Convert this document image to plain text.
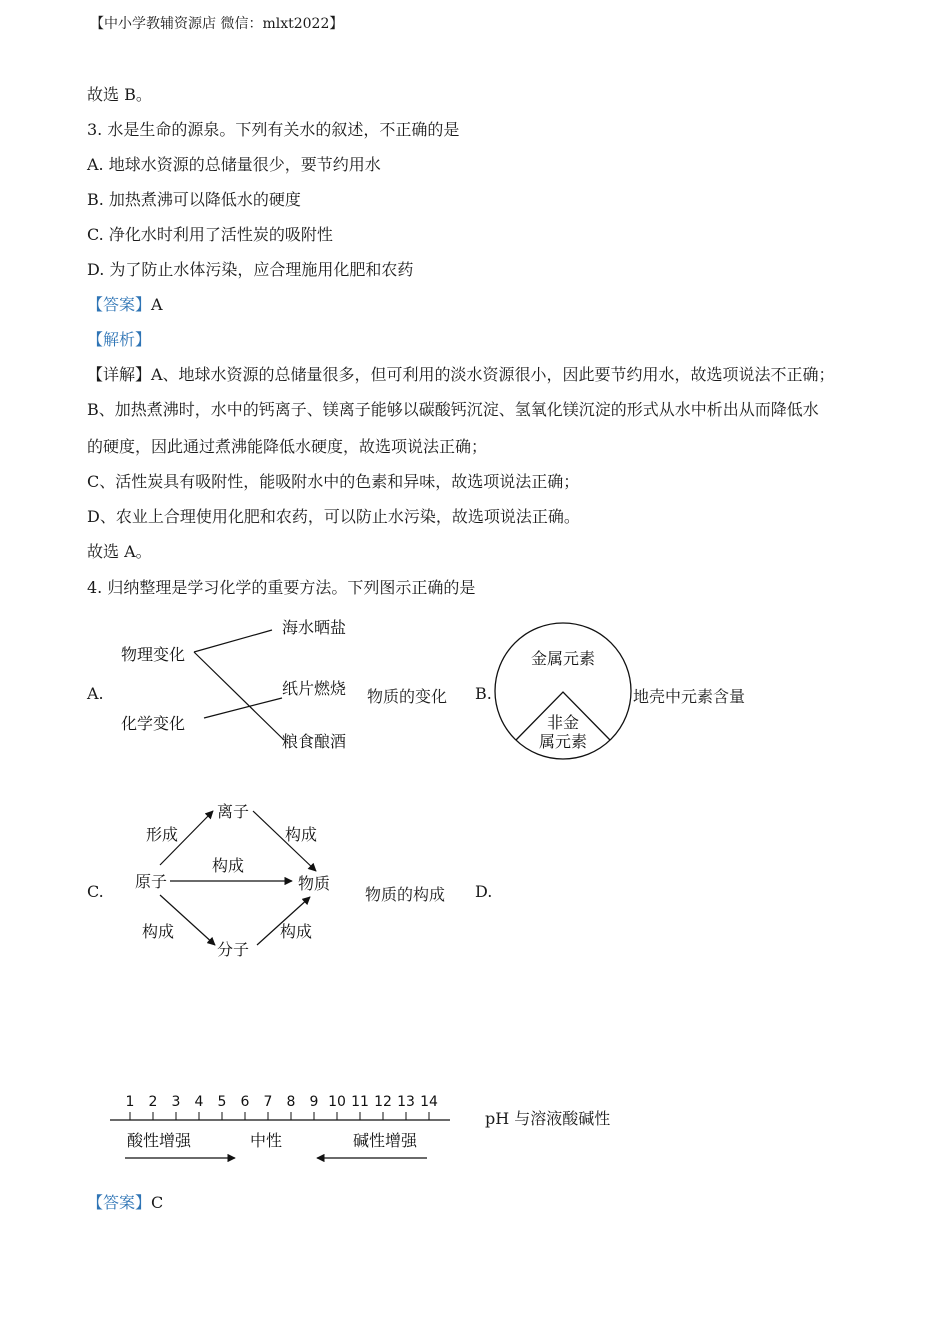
【中小学教辅资源店 微信：mlxt2022】
故选 B。
3. 水是生命的源泉。下列有关水的叙述，不正确的是
A. 地球水资源的总储量很少，要节约用水
B. 加热煮沸可以降低水的硬度
C. 净化水时利用了活性炭的吸附性
D. 为了防止水体污染，应合理施用化肥和农药
【答案】A
【解析】
【详解】A、地球水资源的总储量很多，但可利用的淡水资源很小，因此要节约用水，故选项说法不正确；
B、加热煮沸时，水中的钙离子、镁离子能够以碳酸钙沉淀、氢氧化镁沉淀的形式从水中析出从而降低水
的硬度，因此通过煮沸能降低水硬度，故选项说法正确；
C、活性炭具有吸附性，能吸附水中的色素和异味，故选项说法正确；
D、农业上合理使用化肥和农药，可以防止水污染，故选项说法正确。
故选 A。
4. 归纳整理是学习化学的重要方法。下列图示正确的是
A.
物理变化
化学变化
海水晒盐
纸片燃烧
粮食酿酒
物质的变化 B.
金属元素
非金
属元素
地壳中元素含量
C.
离子
原子	物质
分子
形成	构成
构成
构成	构成
物质的构成 D.
1 2 3 4 5 6 7 8 9 10 11 12 13 14
酸性增强	中性	碱性增强
pH 与溶液酸碱性
【答案】C
